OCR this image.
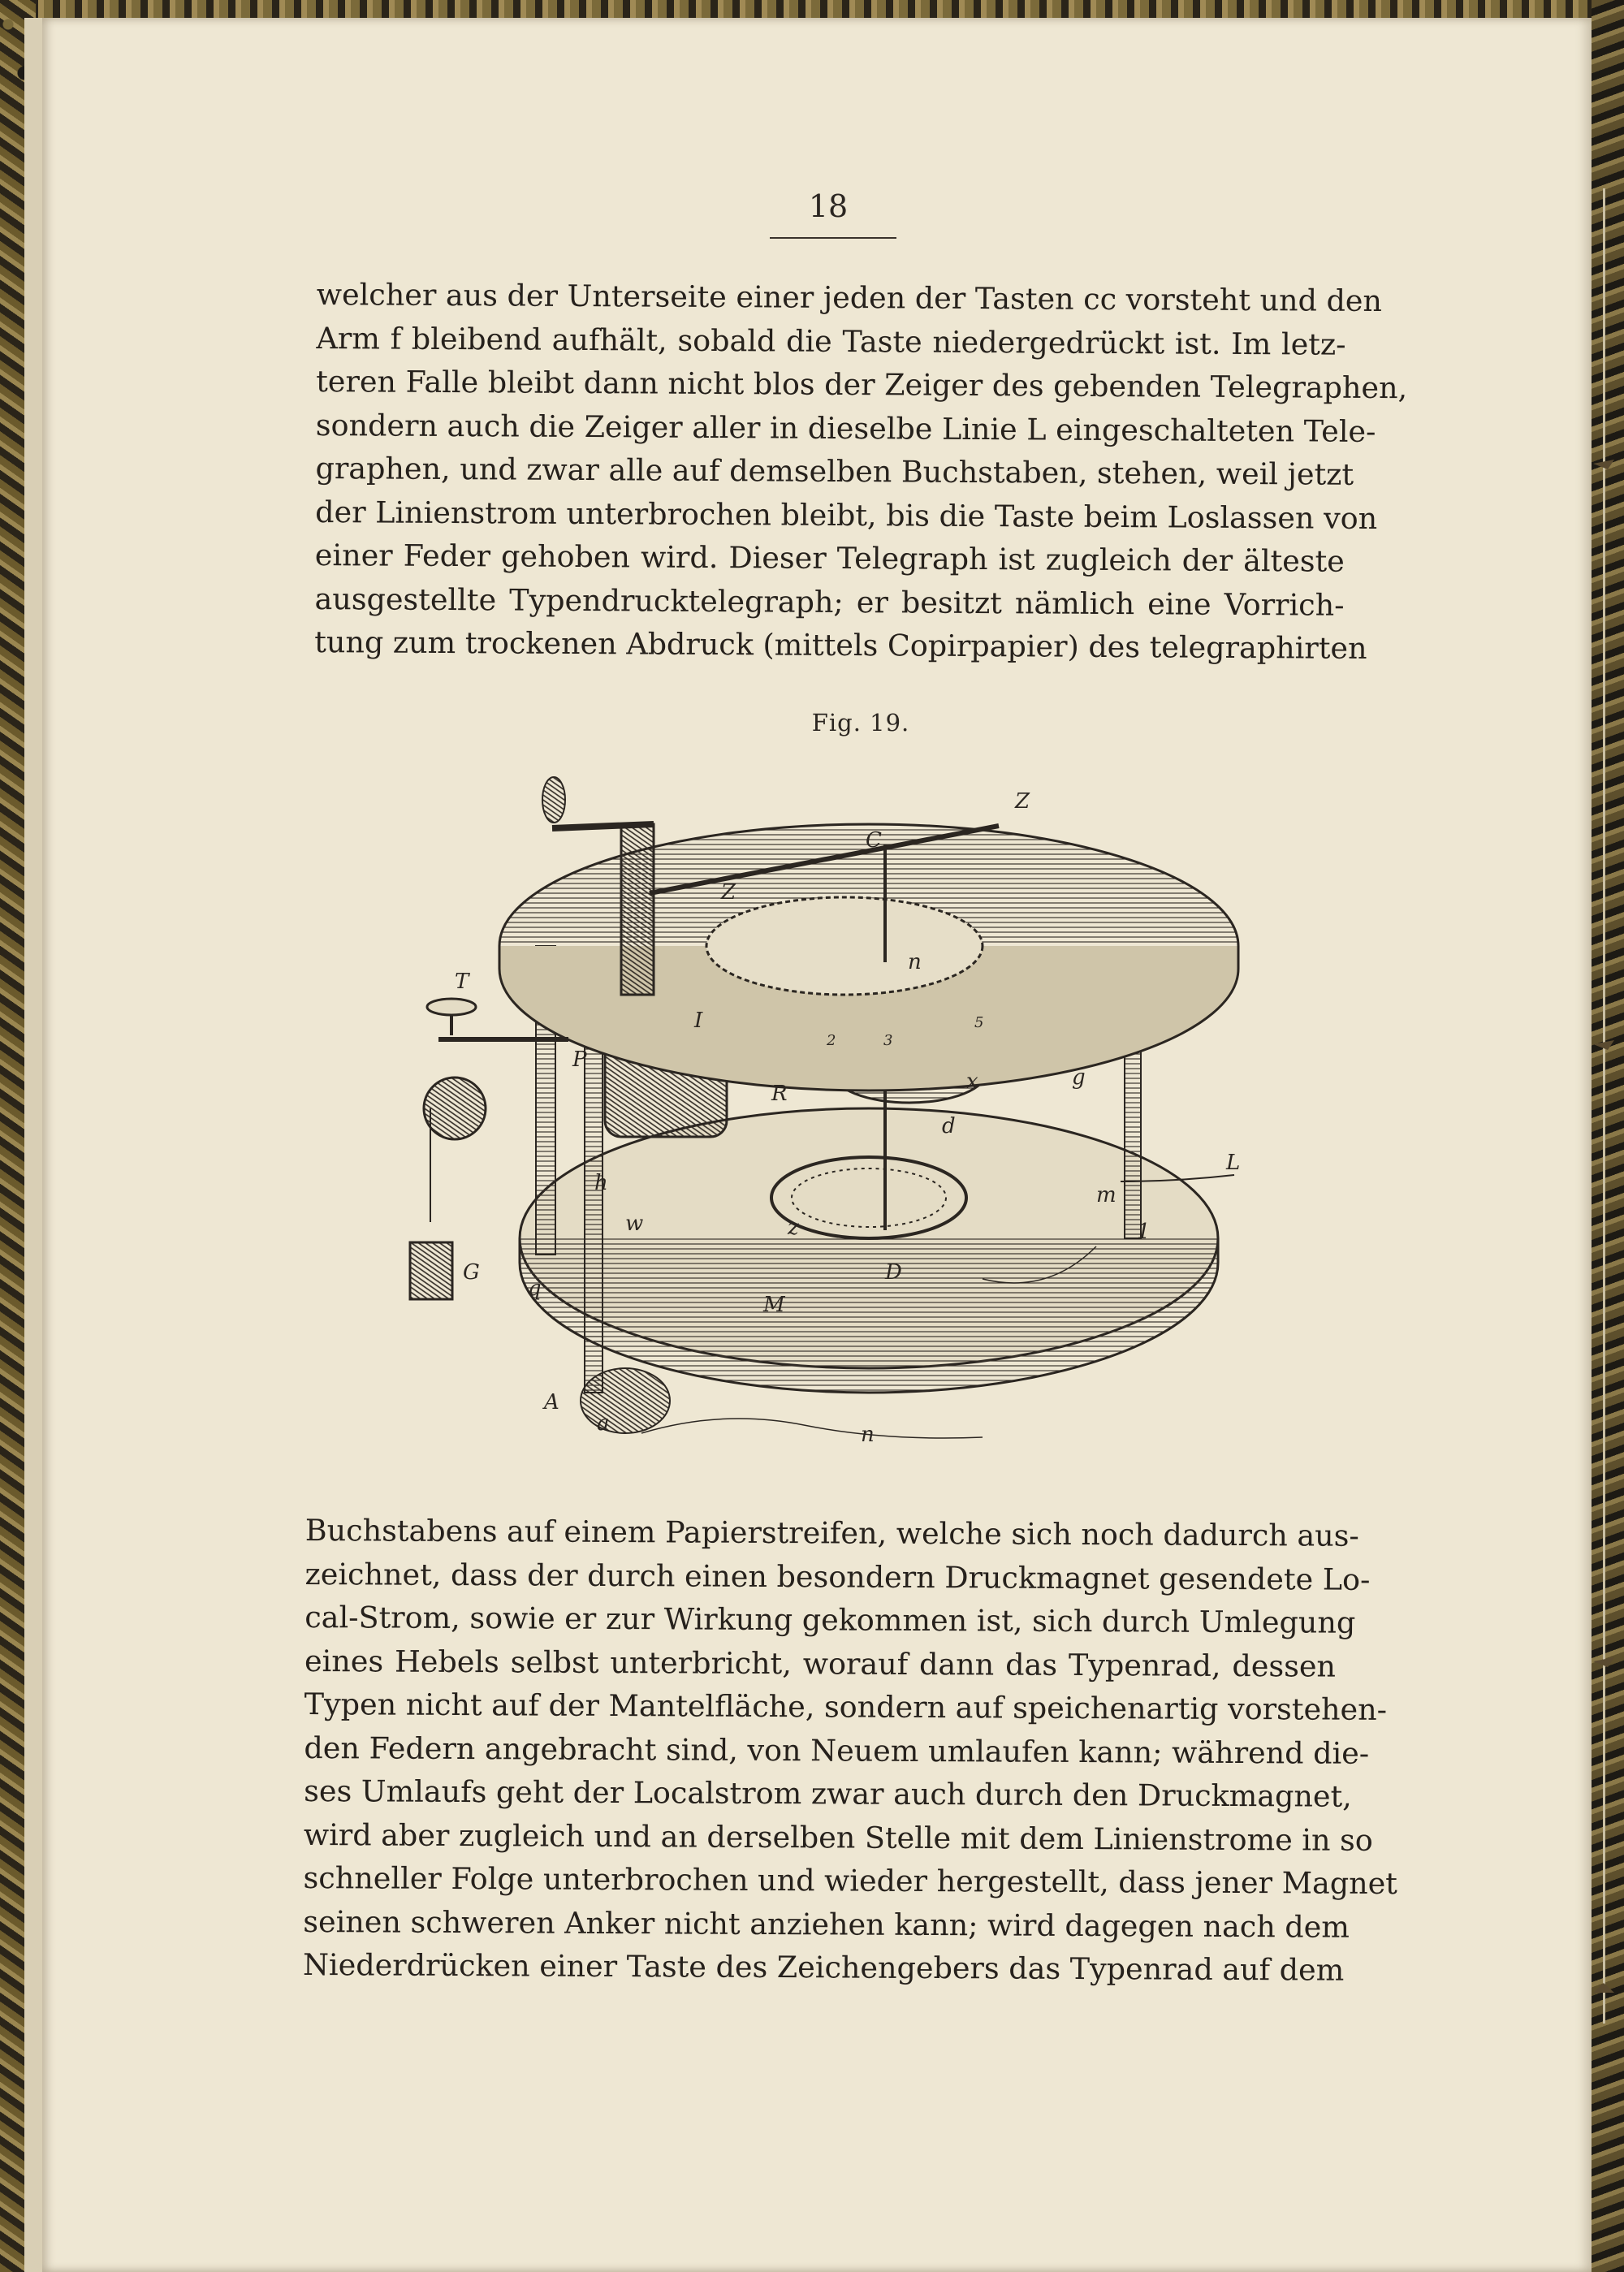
18
welcher aus der Unterseite einer jeden der Tasten cc vorsteht und den
Arm f bleibend aufhält, sobald die Taste niedergedrückt ist. Im letz-
teren Falle bleibt dann nicht blos der Zeiger des gebenden Telegraphen,
sondern auch die Zeiger aller in dieselbe Linie L eingeschalteten Tele-
graphen, und zwar alle auf demselben Buchstaben, stehen, weil jetzt
der Linienstrom unterbrochen bleibt, bis die Taste beim Loslassen von
einer Feder gehoben wird. Dieser Telegraph ist zugleich der älteste
ausgestellte Typendrucktelegraph; er besitzt nämlich eine Vorrich-
tung zum trockenen Abdruck (mittels Copirpapier) des telegraphirten
Fig. 19.
Z
C
Z
n
T
I
P
R
d
x	g
L
m
h
w	z
D
G
q
M
A
a	n
1
2	3
5
Buchstabens auf einem Papierstreifen, welche sich noch dadurch aus-
zeichnet, dass der durch einen besondern Druckmagnet gesendete Lo-
cal-Strom, sowie er zur Wirkung gekommen ist, sich durch Umlegung
eines Hebels selbst unterbricht, worauf dann das Typenrad, dessen
Typen nicht auf der Mantelfläche, sondern auf speichenartig vorstehen-
den Federn angebracht sind, von Neuem umlaufen kann; während die-
ses Umlaufs geht der Localstrom zwar auch durch den Druckmagnet,
wird aber zugleich und an derselben Stelle mit dem Linienstrome in so
schneller Folge unterbrochen und wieder hergestellt, dass jener Magnet
seinen schweren Anker nicht anziehen kann; wird dagegen nach dem
Niederdrücken einer Taste des Zeichengebers das Typenrad auf dem
